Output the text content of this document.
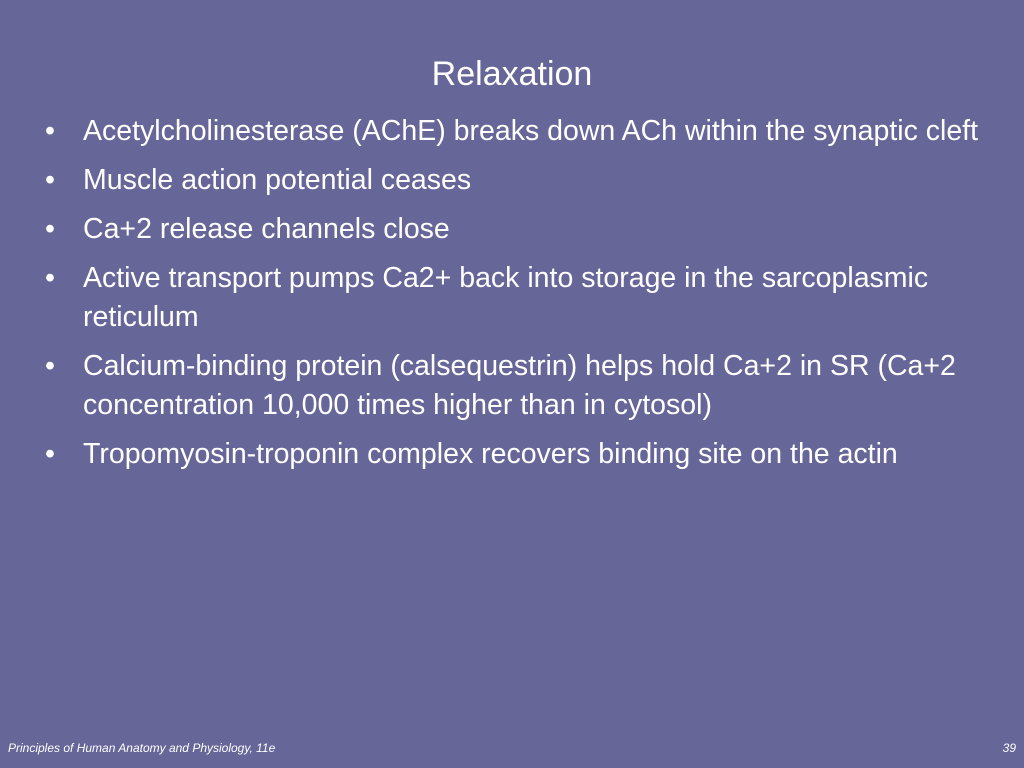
Relaxation
• Acetylcholinesterase (AChE) breaks down ACh within the synaptic cleft
• Muscle action potential ceases
• Ca+2 release channels close
• Active transport pumps Ca2+ back into storage in the sarcoplasmic reticulum
• Calcium-binding protein (calsequestrin) helps hold Ca+2 in SR (Ca+2 concentration 10,000 times higher than in cytosol)
• Tropomyosin-troponin complex recovers binding site on the actin
Principles of Human Anatomy and Physiology, 11e	39
